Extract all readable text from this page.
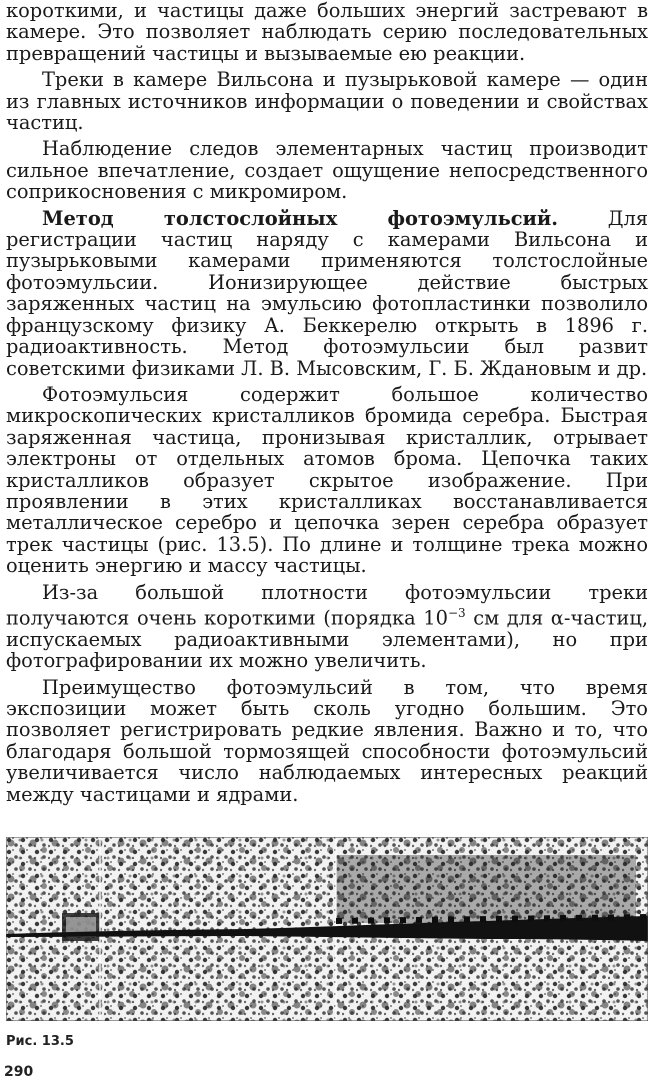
короткими, и частицы даже больших энергий застревают в камере. Это позволяет наблюдать серию последовательных превращений частицы и вызываемые ею реакции.

Треки в камере Вильсона и пузырьковой камере — один из главных источников информации о поведении и свойствах частиц.

Наблюдение следов элементарных частиц производит сильное впечатление, создает ощущение непосредственного соприкосновения с микромиром.

Метод толстослойных фотоэмульсий. Для регистрации частиц наряду с камерами Вильсона и пузырьковыми камерами применяются толстослойные фотоэмульсии. Ионизирующее действие быстрых заряженных частиц на эмульсию фотопластинки позволило французскому физику А. Беккерелю открыть в 1896 г. радиоактивность. Метод фотоэмульсии был развит советскими физиками Л. В. Мысовским, Г. Б. Ждановым и др.

Фотоэмульсия содержит большое количество микроскопических кристалликов бромида серебра. Быстрая заряженная частица, пронизывая кристаллик, отрывает электроны от отдельных атомов брома. Цепочка таких кристалликов образует скрытое изображение. При проявлении в этих кристалликах восстанавливается металлическое серебро и цепочка зерен серебра образует трек частицы (рис. 13.5). По длине и толщине трека можно оценить энергию и массу частицы.

Из-за большой плотности фотоэмульсии треки получаются очень короткими (порядка $10^{-3}$ см для α-частиц, испускаемых радиоактивными элементами), но при фотографировании их можно увеличить.

Преимущество фотоэмульсий в том, что время экспозиции может быть сколь угодно большим. Это позволяет регистрировать редкие явления. Важно и то, что благодаря большой тормозящей способности фотоэмульсий увеличивается число наблюдаемых интересных реакций между частицами и ядрами.

Рис. 13.5
290
